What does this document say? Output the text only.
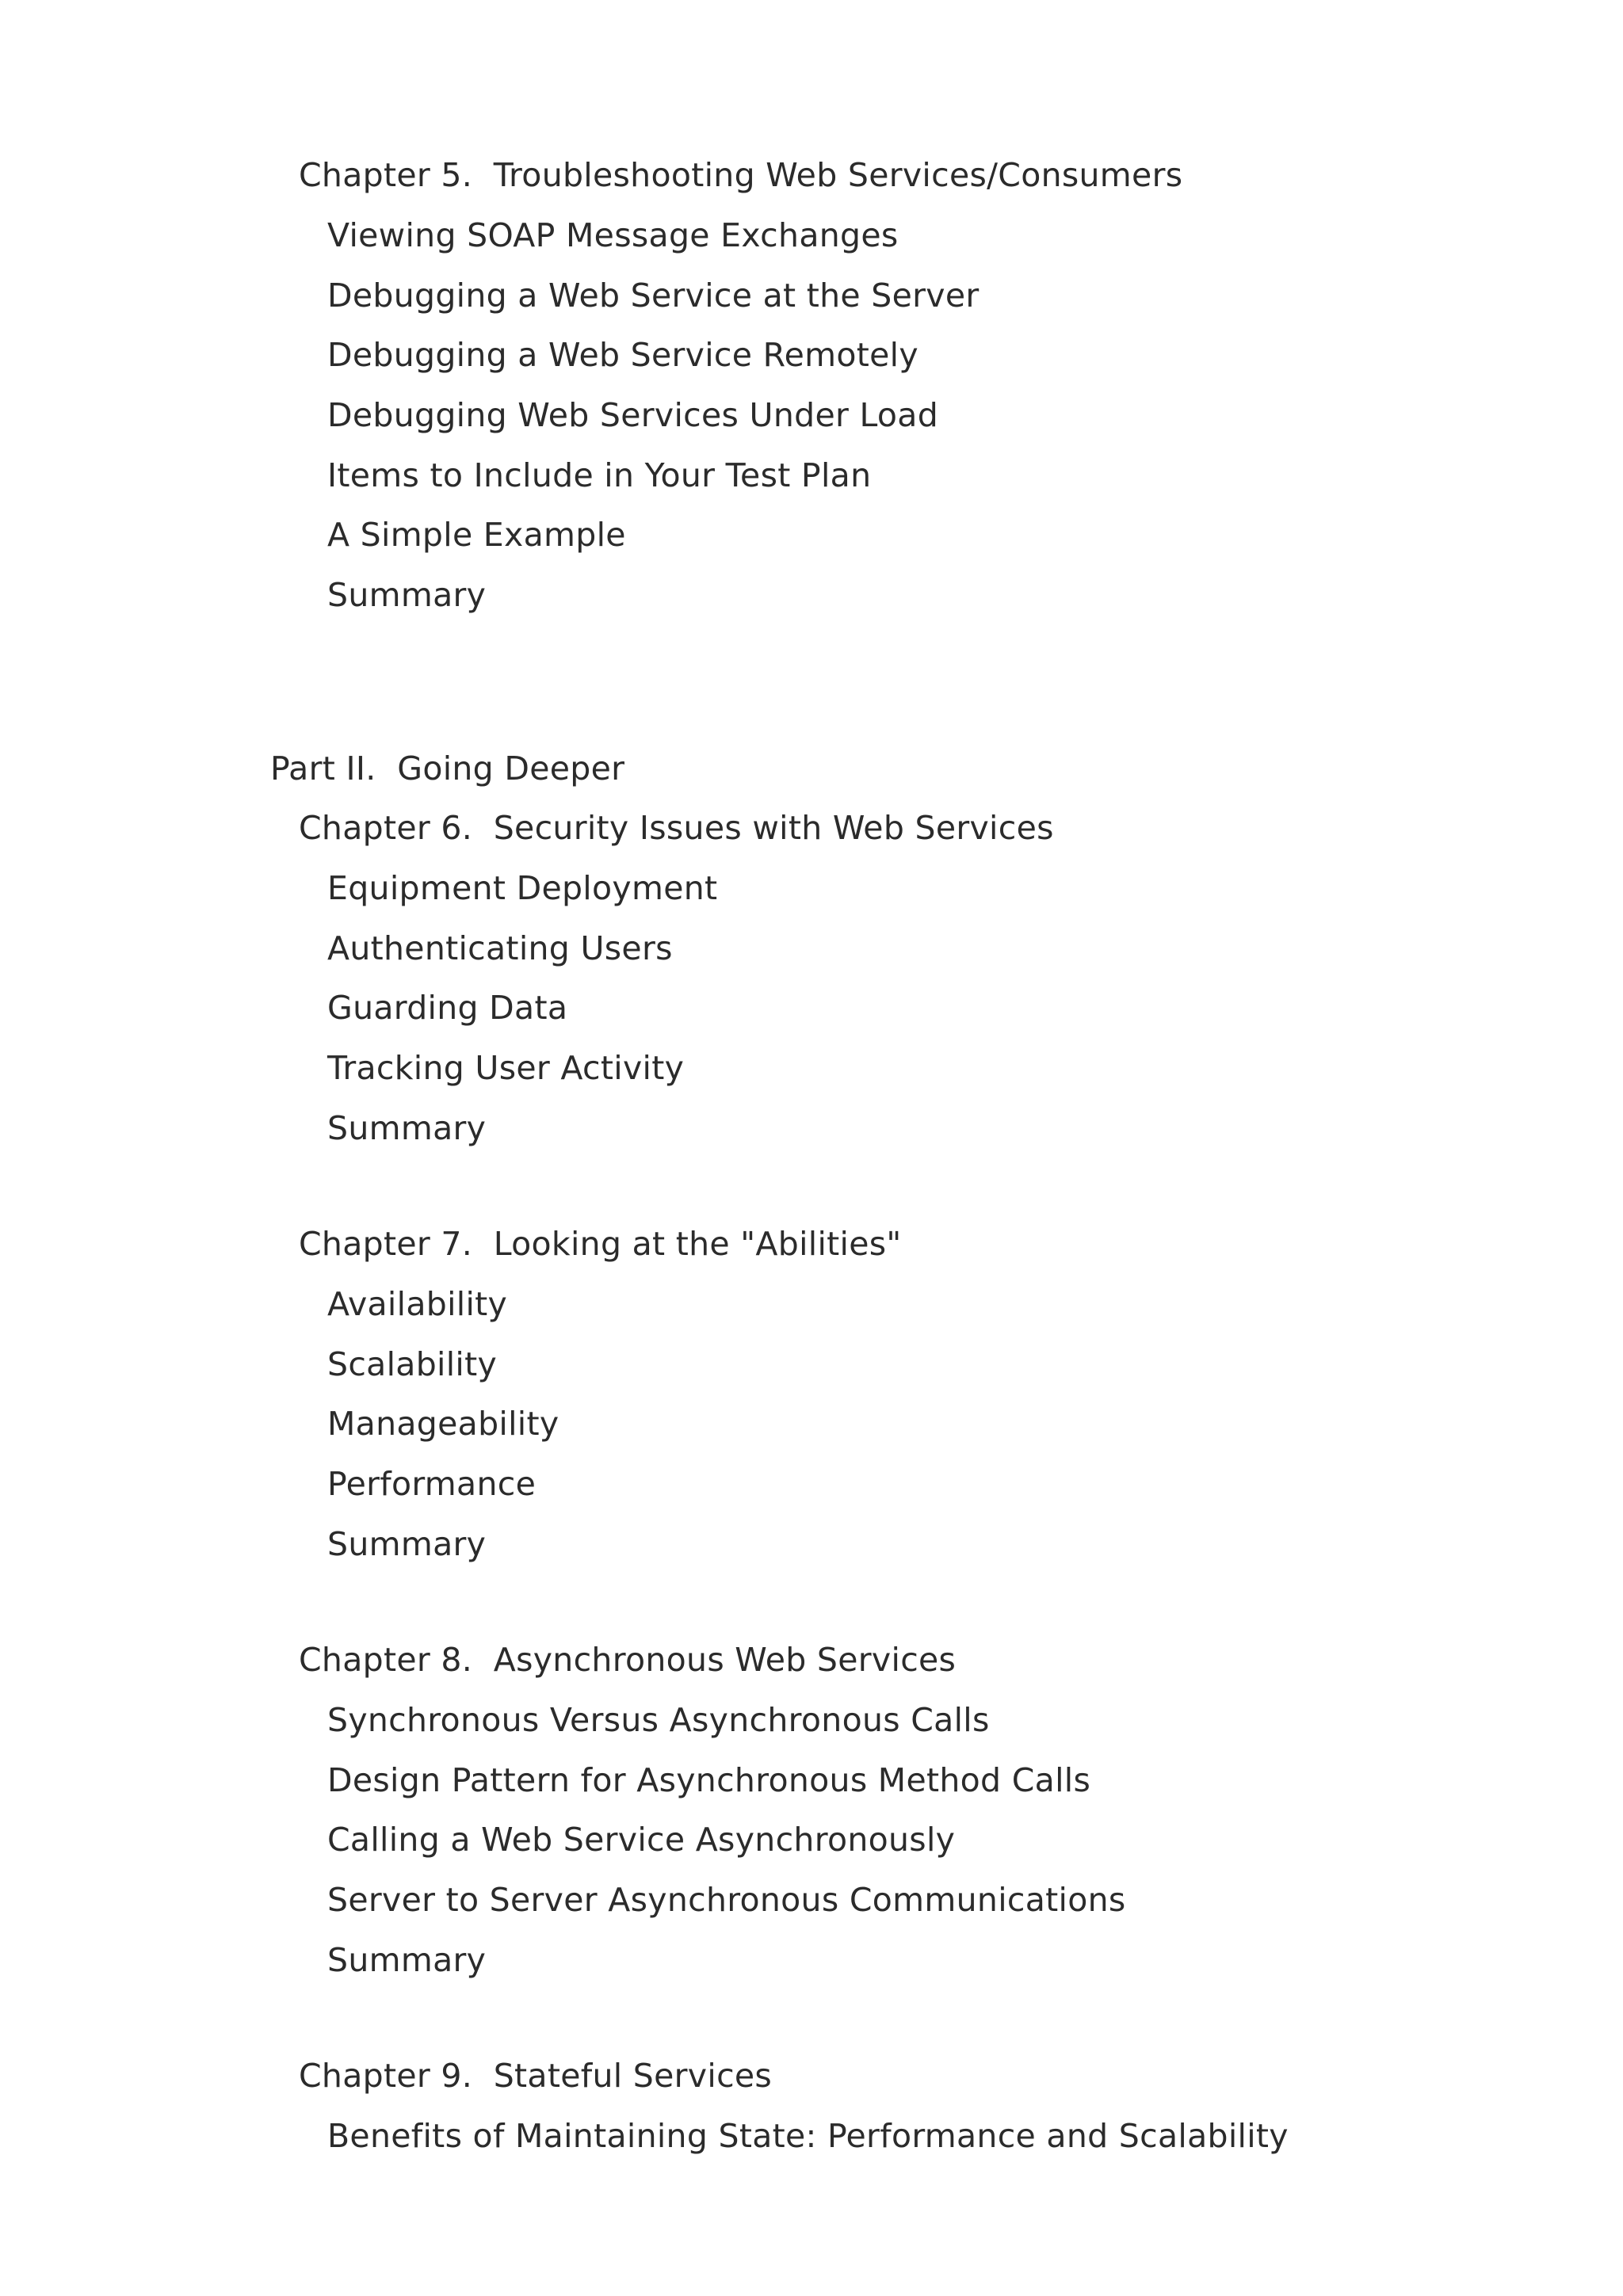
Chapter 5.  Troubleshooting Web Services/Consumers
Viewing SOAP Message Exchanges
Debugging a Web Service at the Server
Debugging a Web Service Remotely
Debugging Web Services Under Load
Items to Include in Your Test Plan
A Simple Example
Summary
Part II.  Going Deeper
Chapter 6.  Security Issues with Web Services
Equipment Deployment
Authenticating Users
Guarding Data
Tracking User Activity
Summary
Chapter 7.  Looking at the "Abilities"
Availability
Scalability
Manageability
Performance
Summary
Chapter 8.  Asynchronous Web Services
Synchronous Versus Asynchronous Calls
Design Pattern for Asynchronous Method Calls
Calling a Web Service Asynchronously
Server to Server Asynchronous Communications
Summary
Chapter 9.  Stateful Services
Benefits of Maintaining State: Performance and Scalability
